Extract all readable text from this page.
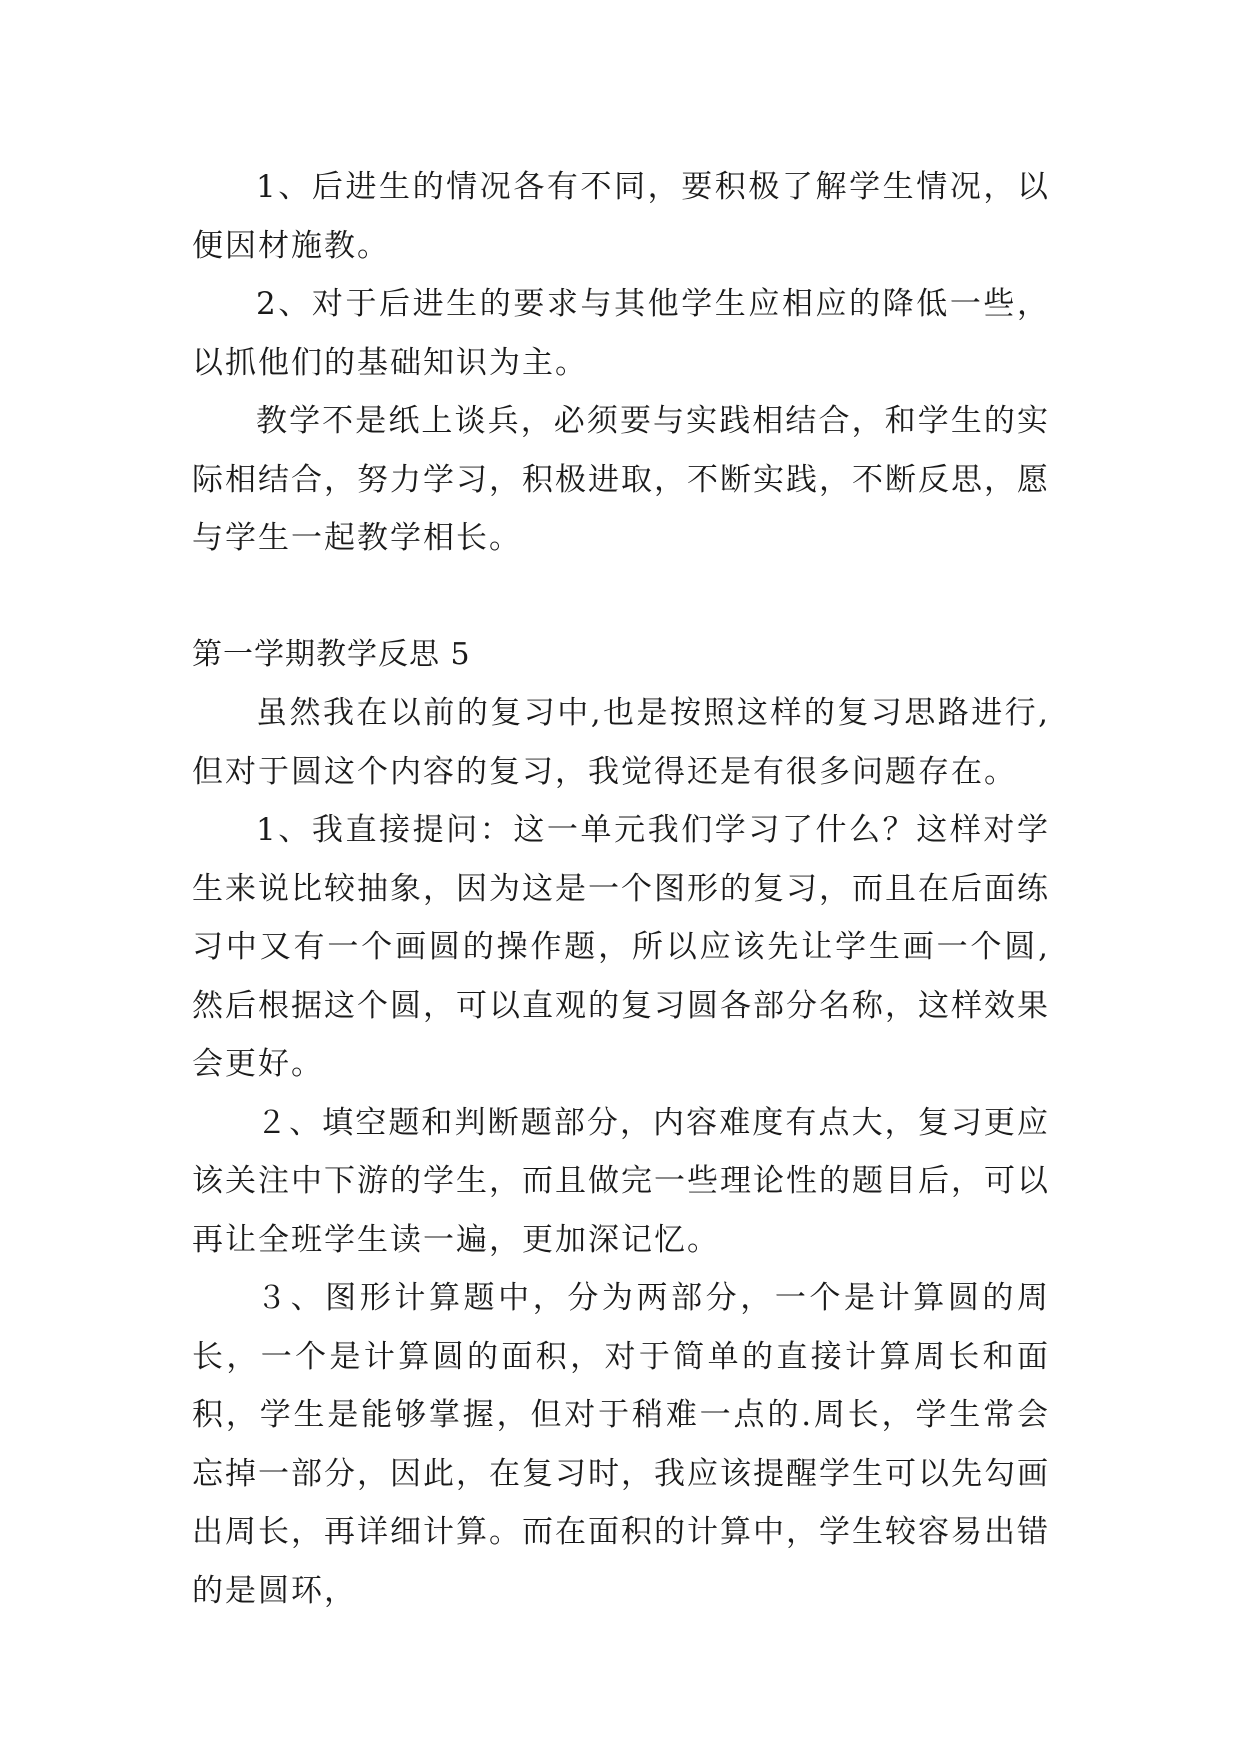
1、后进生的情况各有不同，要积极了解学生情况，以便因材施教。

2、对于后进生的要求与其他学生应相应的降低一些，以抓他们的基础知识为主。

教学不是纸上谈兵，必须要与实践相结合，和学生的实际相结合，努力学习，积极进取，不断实践，不断反思，愿与学生一起教学相长。

第一学期教学反思 5

虽然我在以前的复习中,也是按照这样的复习思路进行,但对于圆这个内容的复习，我觉得还是有很多问题存在。

1、我直接提问：这一单元我们学习了什么？这样对学生来说比较抽象，因为这是一个图形的复习，而且在后面练习中又有一个画圆的操作题，所以应该先让学生画一个圆,然后根据这个圆，可以直观的复习圆各部分名称，这样效果会更好。

２、填空题和判断题部分，内容难度有点大，复习更应该关注中下游的学生，而且做完一些理论性的题目后，可以再让全班学生读一遍，更加深记忆。

３、图形计算题中，分为两部分，一个是计算圆的周长，一个是计算圆的面积，对于简单的直接计算周长和面积，学生是能够掌握，但对于稍难一点的.周长，学生常会忘掉一部分，因此，在复习时，我应该提醒学生可以先勾画出周长，再详细计算。而在面积的计算中，学生较容易出错的是圆环，
